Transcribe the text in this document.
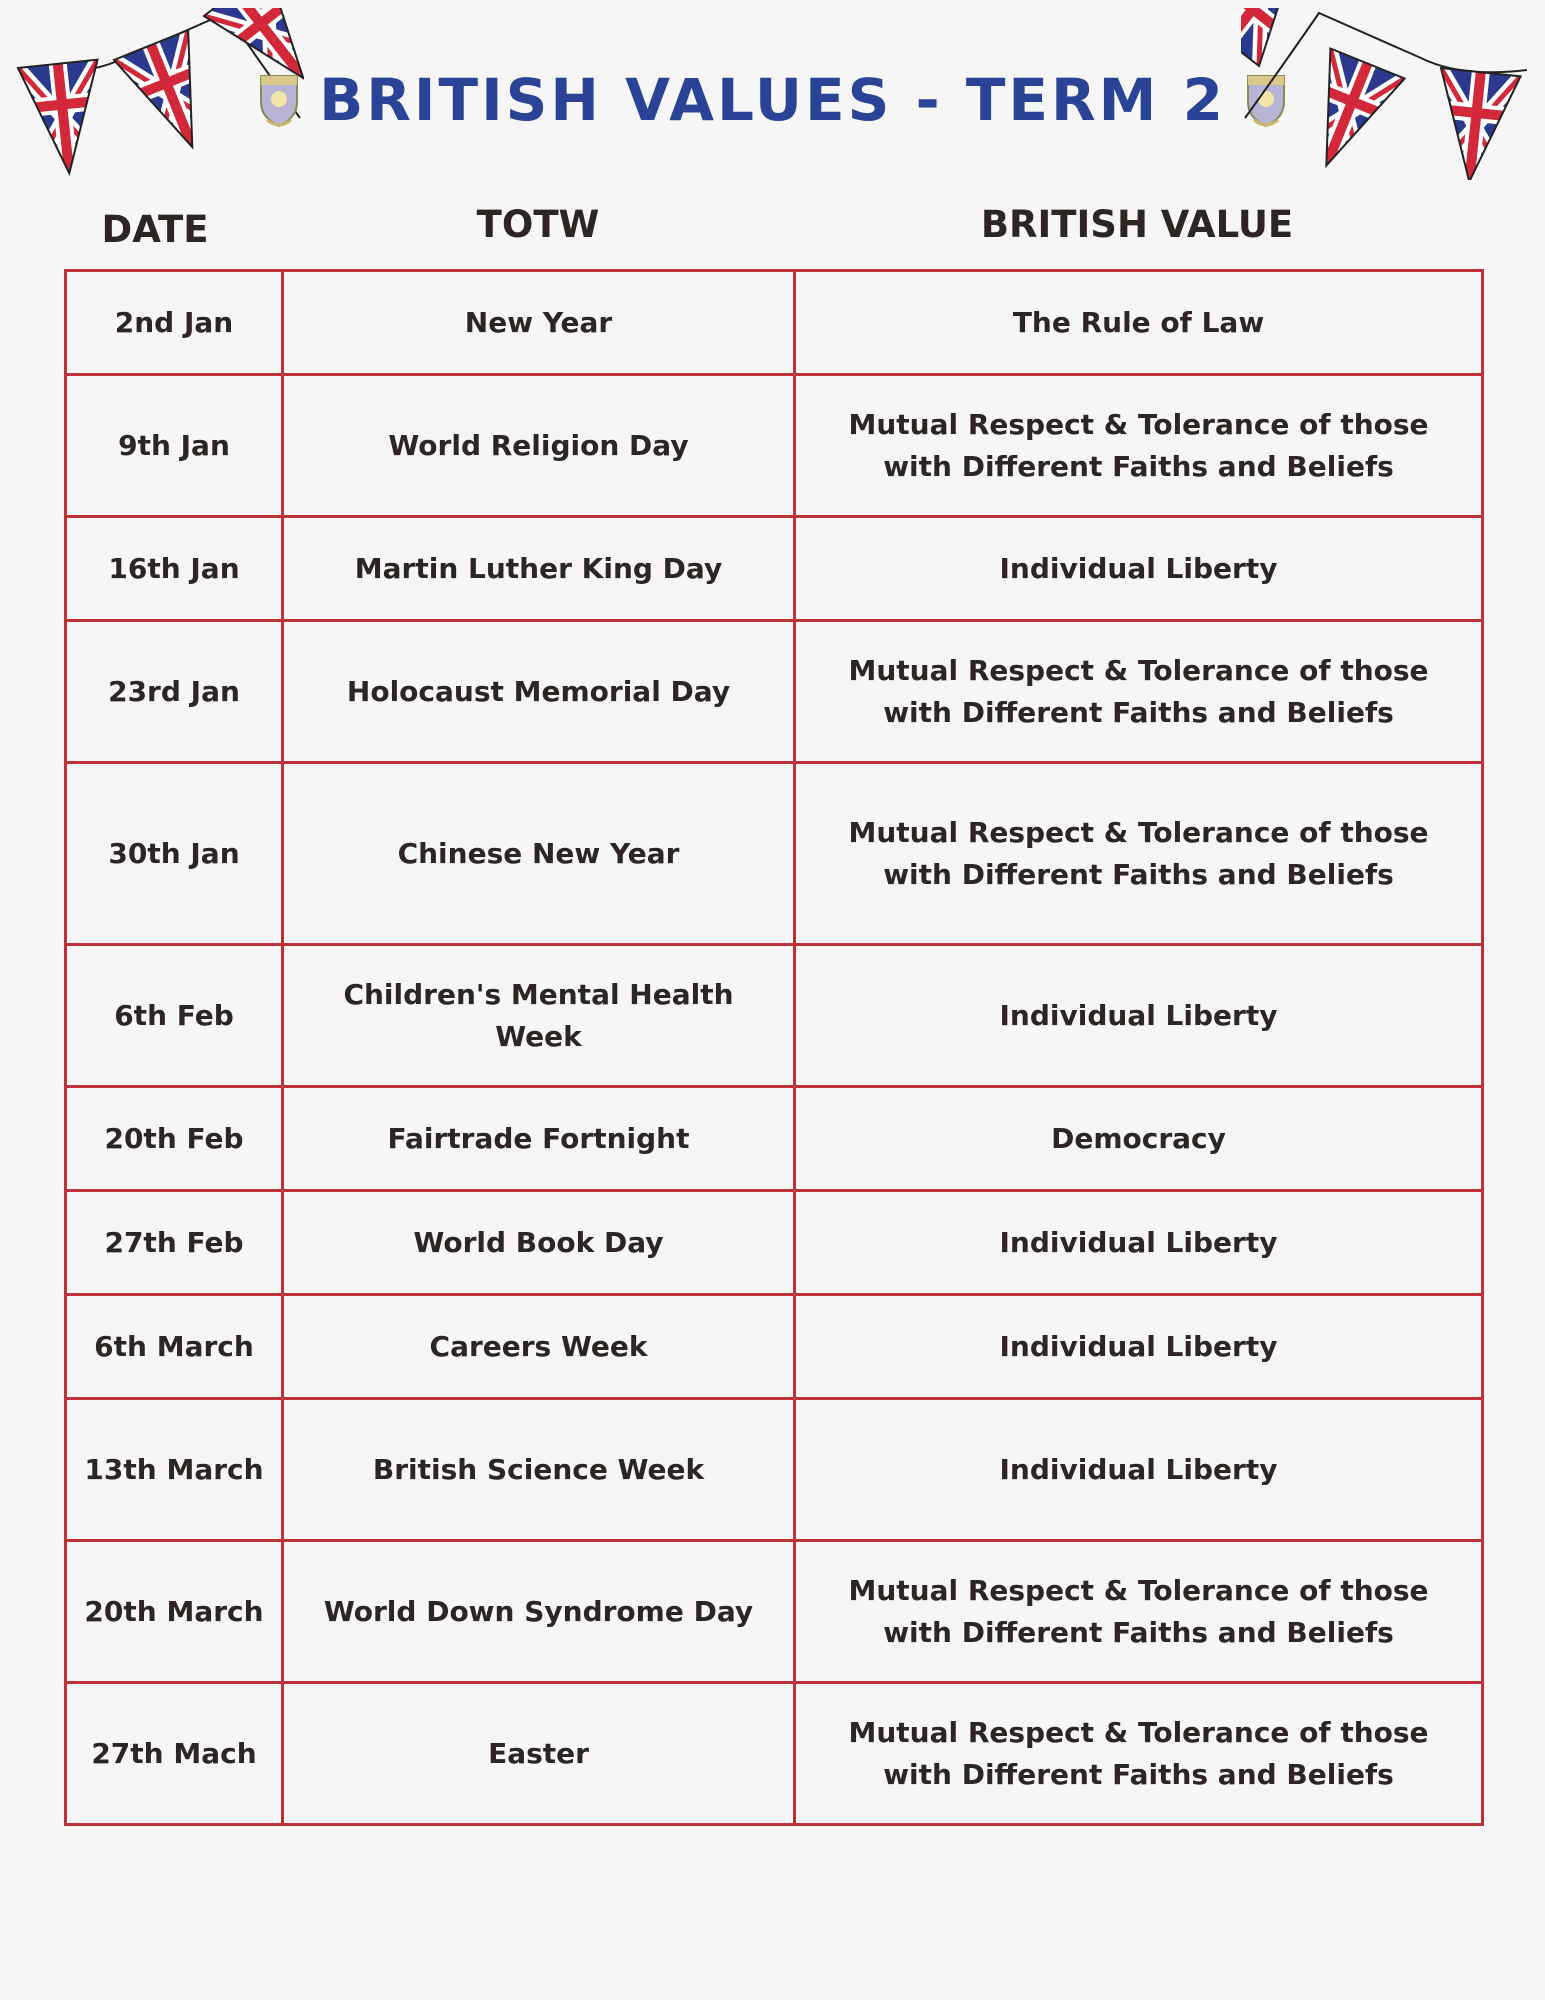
BRITISH VALUES - TERM 2
DATE	TOTW	BRITISH VALUE
2nd Jan	New Year	The Rule of Law
9th Jan	World Religion Day	Mutual Respect & Tolerance of those with Different Faiths and Beliefs
16th Jan	Martin Luther King Day	Individual Liberty
23rd Jan	Holocaust Memorial Day	Mutual Respect & Tolerance of those with Different Faiths and Beliefs
30th Jan	Chinese New Year	Mutual Respect & Tolerance of those with Different Faiths and Beliefs
6th Feb	Children's Mental Health Week	Individual Liberty
20th Feb	Fairtrade Fortnight	Democracy
27th Feb	World Book Day	Individual Liberty
6th March	Careers Week	Individual Liberty
13th March	British Science Week	Individual Liberty
20th March	World Down Syndrome Day	Mutual Respect & Tolerance of those with Different Faiths and Beliefs
27th Mach	Easter	Mutual Respect & Tolerance of those with Different Faiths and Beliefs
